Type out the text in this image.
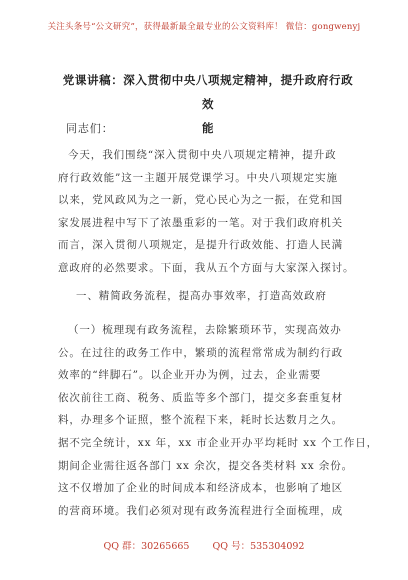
关注头条号“公文研究”，获得最新最全最专业的公文资料库！ 微信：gongwenyj
党课讲稿：深入贯彻中央八项规定精神，提升政府行政效
能
同志们：
今天，我们围绕“深入贯彻中央八项规定精神，提升政
府行政效能”这一主题开展党课学习。中央八项规定实施
以来，党风政风为之一新，党心民心为之一振，在党和国
家发展进程中写下了浓墨重彩的一笔。对于我们政府机关
而言，深入贯彻八项规定，是提升行政效能、打造人民满
意政府的必然要求。下面，我从五个方面与大家深入探讨。
一、精简政务流程，提高办事效率，打造高效政府
（一）梳理现有政务流程，去除繁琐环节，实现高效办
公。在过往的政务工作中，繁琐的流程常常成为制约行政
效率的“绊脚石”。以企业开办为例，过去，企业需要
依次前往工商、税务、质监等多个部门，提交多套重复材
料，办理多个证照，整个流程下来，耗时长达数月之久。
据不完全统计，xx 年，xx 市企业开办平均耗时 xx 个工作日，
期间企业需往返各部门 xx 余次，提交各类材料 xx 余份。
这不仅增加了企业的时间成本和经济成本，也影响了地区
的营商环境。我们必须对现有政务流程进行全面梳理，成
QQ 群：30265665 QQ 号：535304092
